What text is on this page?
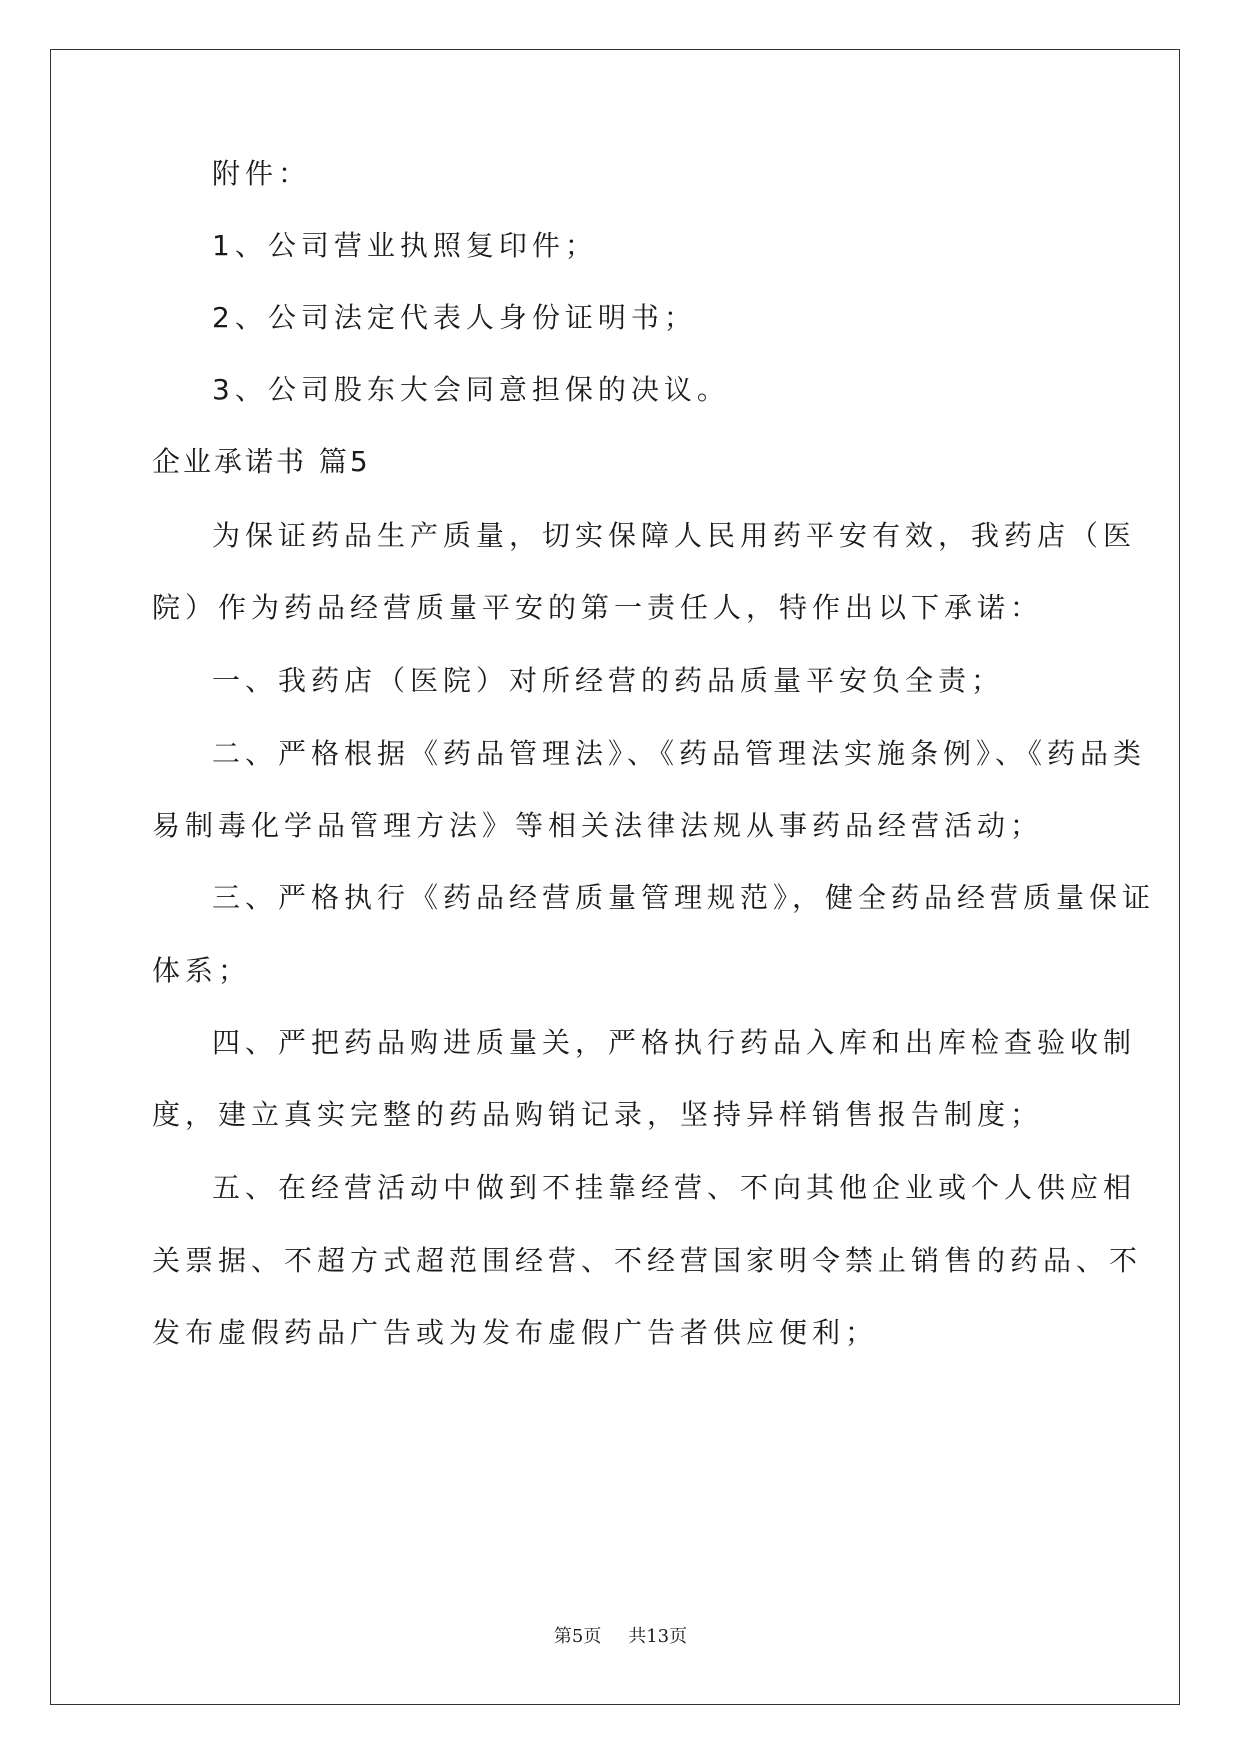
附件：
1、公司营业执照复印件；
2、公司法定代表人身份证明书；
3、公司股东大会同意担保的决议。
企业承诺书 篇5
为保证药品生产质量，切实保障人民用药平安有效，我药店（医
院）作为药品经营质量平安的第一责任人，特作出以下承诺：
一、我药店（医院）对所经营的药品质量平安负全责；
二、严格根据《药品管理法》、《药品管理法实施条例》、《药品类
易制毒化学品管理方法》等相关法律法规从事药品经营活动；
三、严格执行《药品经营质量管理规范》，健全药品经营质量保证
体系；
四、严把药品购进质量关，严格执行药品入库和出库检查验收制
度，建立真实完整的药品购销记录，坚持异样销售报告制度；
五、在经营活动中做到不挂靠经营、不向其他企业或个人供应相
关票据、不超方式超范围经营、不经营国家明令禁止销售的药品、不
发布虚假药品广告或为发布虚假广告者供应便利；
第5页 共13页
